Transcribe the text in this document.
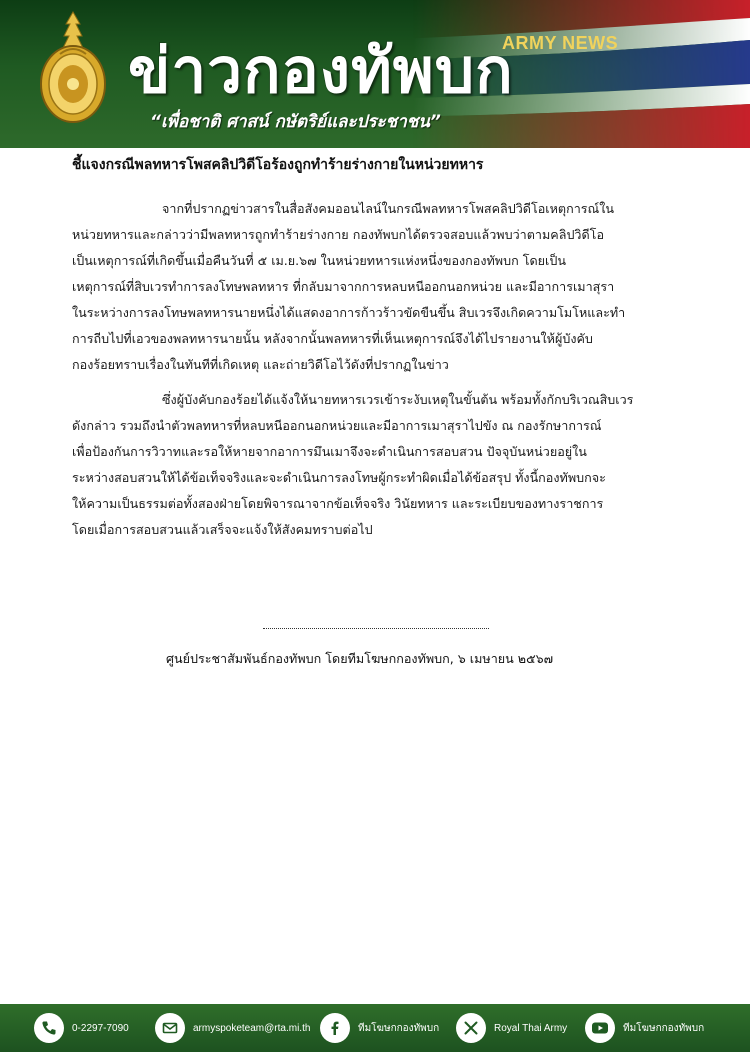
ARMY NEWS
ข่าวกองทัพบก
“เพื่อชาติ ศาสน์ กษัตริย์และประชาชน”
ชี้แจงกรณีพลทหารโพสคลิปวิดีโอร้องถูกทำร้ายร่างกายในหน่วยทหาร
จากที่ปรากฏข่าวสารในสื่อสังคมออนไลน์ในกรณีพลทหารโพสคลิปวิดีโอเหตุการณ์ใน
หน่วยทหารและกล่าวว่ามีพลทหารถูกทำร้ายร่างกาย กองทัพบกได้ตรวจสอบแล้วพบว่าตามคลิปวิดีโอ
เป็นเหตุการณ์ที่เกิดขึ้นเมื่อคืนวันที่ ๕ เม.ย.๖๗ ในหน่วยทหารแห่งหนึ่งของกองทัพบก โดยเป็น
เหตุการณ์ที่สิบเวรทำการลงโทษพลทหาร ที่กลับมาจากการหลบหนีออกนอกหน่วย และมีอาการเมาสุรา
ในระหว่างการลงโทษพลทหารนายหนึ่งได้แสดงอาการก้าวร้าวขัดขืนขึ้น สิบเวรจึงเกิดความโมโหและทำ
การถีบไปที่เอวของพลทหารนายนั้น หลังจากนั้นพลทหารที่เห็นเหตุการณ์จึงได้ไปรายงานให้ผู้บังคับ
กองร้อยทราบเรื่องในทันทีที่เกิดเหตุ และถ่ายวิดีโอไว้ดังที่ปรากฏในข่าว
ซึ่งผู้บังคับกองร้อยได้แจ้งให้นายทหารเวรเข้าระงับเหตุในขั้นต้น พร้อมทั้งกักบริเวณสิบเวร
ดังกล่าว รวมถึงนำตัวพลทหารที่หลบหนีออกนอกหน่วยและมีอาการเมาสุราไปขัง ณ กองรักษาการณ์
เพื่อป้องกันการวิวาทและรอให้หายจากอาการมึนเมาจึงจะดำเนินการสอบสวน ปัจจุบันหน่วยอยู่ใน
ระหว่างสอบสวนให้ได้ข้อเท็จจริงและจะดำเนินการลงโทษผู้กระทำผิดเมื่อได้ข้อสรุป ทั้งนี้กองทัพบกจะ
ให้ความเป็นธรรมต่อทั้งสองฝ่ายโดยพิจารณาจากข้อเท็จจริง วินัยทหาร และระเบียบของทางราชการ
โดยเมื่อการสอบสวนแล้วเสร็จจะแจ้งให้สังคมทราบต่อไป
ศูนย์ประชาสัมพันธ์กองทัพบก โดยทีมโฆษกกองทัพบก, ๖ เมษายน ๒๕๖๗
0-2297-7090	armyspoketeam@rta.mi.th	ทีมโฆษกกองทัพบก	Royal Thai Army	ทีมโฆษกกองทัพบก
